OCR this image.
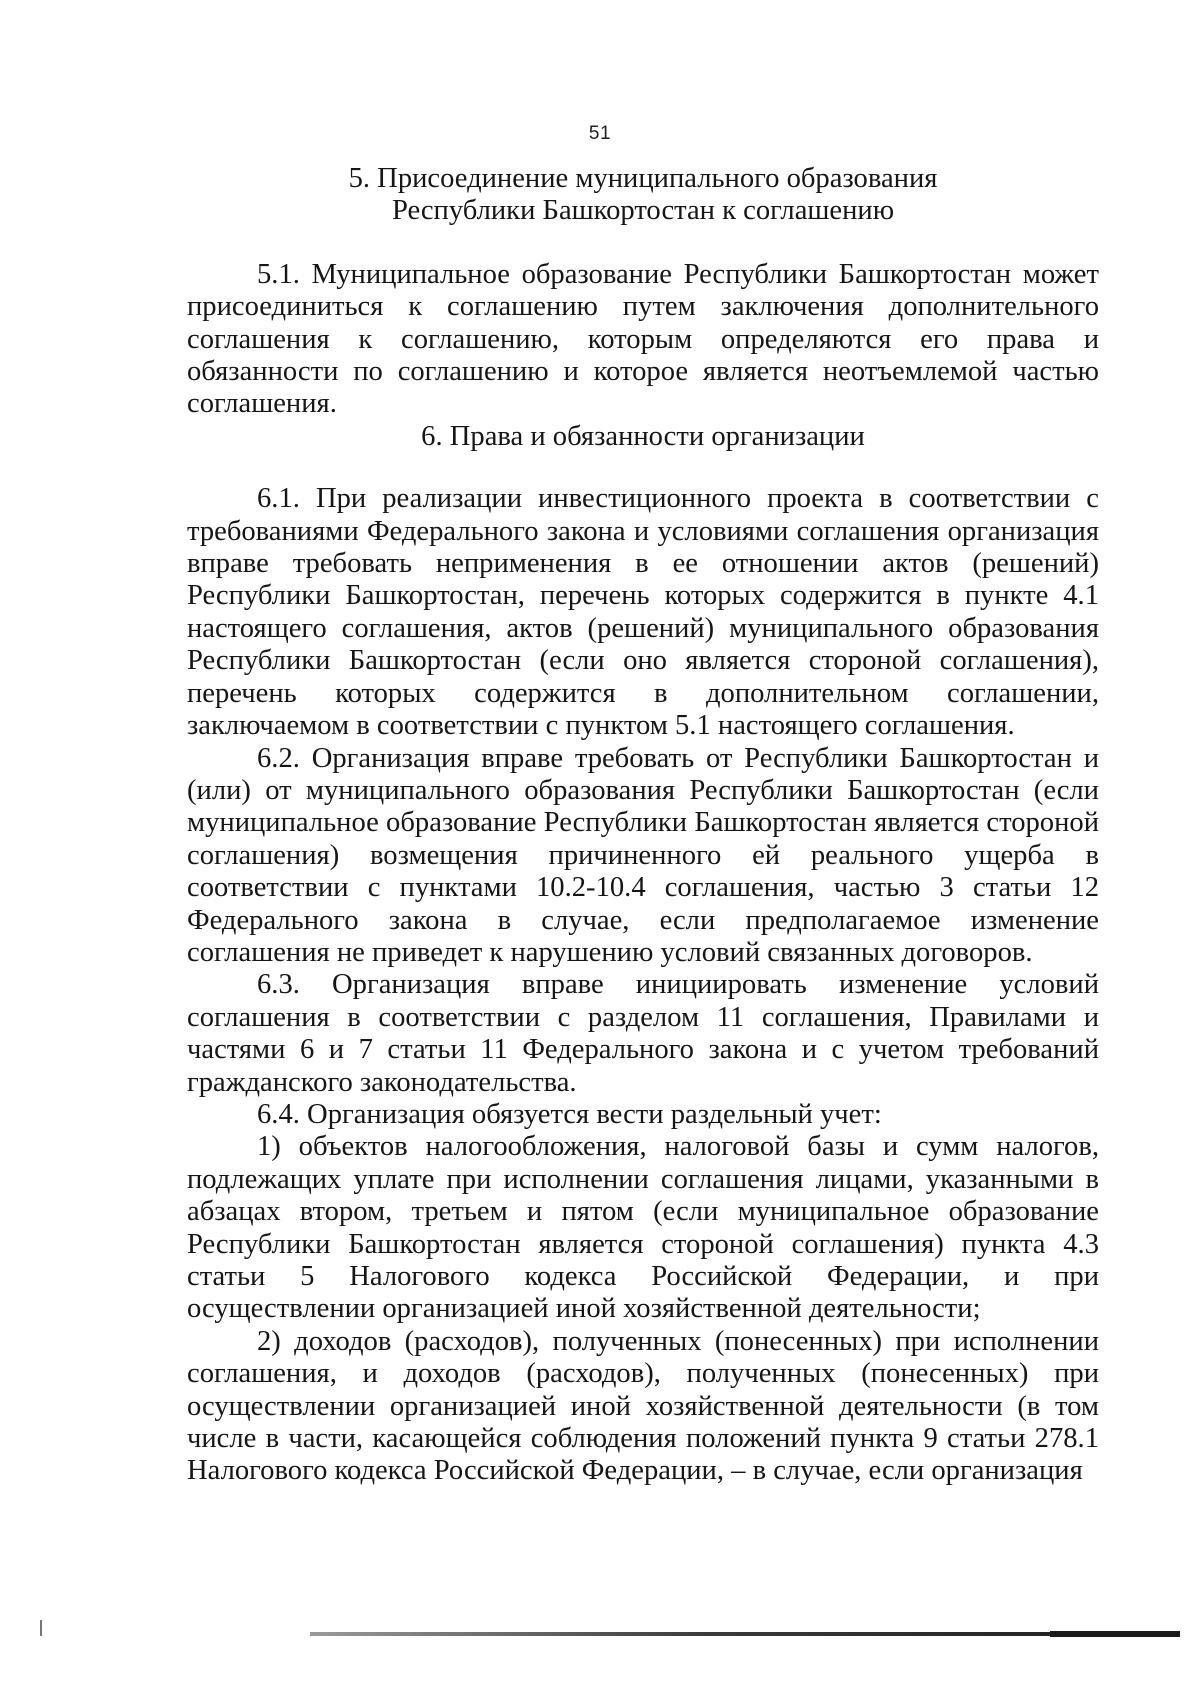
51
5. Присоединение муниципального образования
Республики Башкортостан к соглашению

5.1. Муниципальное образование Республики Башкортостан может присоединиться к соглашению путем заключения дополнительного соглашения к соглашению, которым определяются его права и обязанности по соглашению и которое является неотъемлемой частью соглашения.

6. Права и обязанности организации

6.1. При реализации инвестиционного проекта в соответствии с требованиями Федерального закона и условиями соглашения организация вправе требовать неприменения в ее отношении актов (решений) Республики Башкортостан, перечень которых содержится в пункте 4.1 настоящего соглашения, актов (решений) муниципального образования Республики Башкортостан (если оно является стороной соглашения), перечень которых содержится в дополнительном соглашении, заключаемом в соответствии с пунктом 5.1 настоящего соглашения.

6.2. Организация вправе требовать от Республики Башкортостан и (или) от муниципального образования Республики Башкортостан (если муниципальное образование Республики Башкортостан является стороной соглашения) возмещения причиненного ей реального ущерба в соответствии с пунктами 10.2-10.4 соглашения, частью 3 статьи 12 Федерального закона в случае, если предполагаемое изменение соглашения не приведет к нарушению условий связанных договоров.

6.3. Организация вправе инициировать изменение условий соглашения в соответствии с разделом 11 соглашения, Правилами и частями 6 и 7 статьи 11 Федерального закона и с учетом требований гражданского законодательства.

6.4. Организация обязуется вести раздельный учет:

1) объектов налогообложения, налоговой базы и сумм налогов, подлежащих уплате при исполнении соглашения лицами, указанными в абзацах втором, третьем и пятом (если муниципальное образование Республики Башкортостан является стороной соглашения) пункта 4.3 статьи 5 Налогового кодекса Российской Федерации, и при осуществлении организацией иной хозяйственной деятельности;

2) доходов (расходов), полученных (понесенных) при исполнении соглашения, и доходов (расходов), полученных (понесенных) при осуществлении организацией иной хозяйственной деятельности (в том числе в части, касающейся соблюдения положений пункта 9 статьи 278.1 Налогового кодекса Российской Федерации, – в случае, если организация
